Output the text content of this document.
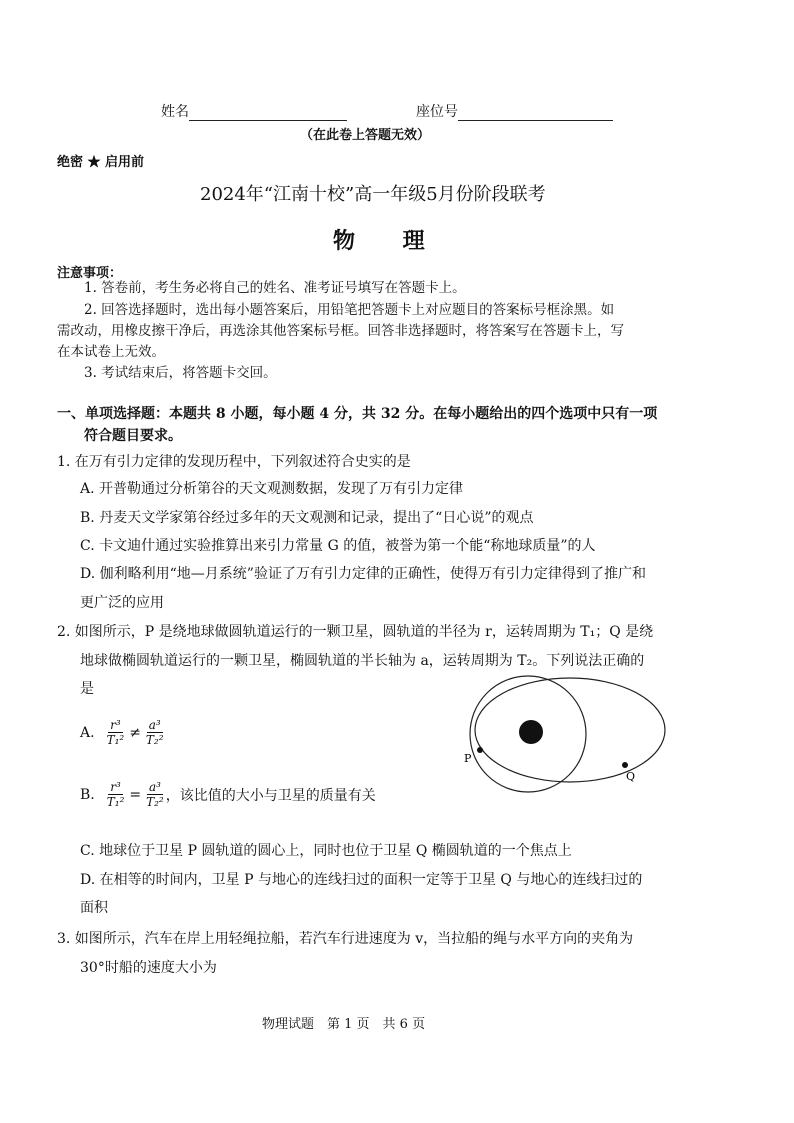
姓名	座位号
（在此卷上答题无效）
绝密 ★ 启用前
2024年“江南十校”高一年级5月份阶段联考
物 理
注意事项：
1. 答卷前，考生务必将自己的姓名、准考证号填写在答题卡上。
2. 回答选择题时，选出每小题答案后，用铅笔把答题卡上对应题目的答案标号框涂黑。如
需改动，用橡皮擦干净后，再选涂其他答案标号框。回答非选择题时，将答案写在答题卡上，写
在本试卷上无效。
3. 考试结束后，将答题卡交回。
一、单项选择题：本题共 8 小题，每小题 4 分，共 32 分。在每小题给出的四个选项中只有一项
符合题目要求。
1. 在万有引力定律的发现历程中，下列叙述符合史实的是
A. 开普勒通过分析第谷的天文观测数据，发现了万有引力定律
B. 丹麦天文学家第谷经过多年的天文观测和记录，提出了“日心说”的观点
C. 卡文迪什通过实验推算出来引力常量 G 的值，被誉为第一个能“称地球质量”的人
D. 伽利略利用“地—月系统”验证了万有引力定律的正确性，使得万有引力定律得到了推广和
更广泛的应用
2. 如图所示，P 是绕地球做圆轨道运行的一颗卫星，圆轨道的半径为 r，运转周期为 T₁；Q 是绕
地球做椭圆轨道运行的一颗卫星，椭圆轨道的半长轴为 a，运转周期为 T₂。下列说法正确的
是
A. $\frac{\text{r³}}{\text{T₁²}} \ne \frac{\text{a³}}{\text{T₂²}}$
B. $\frac{\text{r³}}{\text{T₁²}} = \frac{\text{a³}}{\text{T₂²}}$ ，该比值的大小与卫星的质量有关
P
Q
C. 地球位于卫星 P 圆轨道的圆心上，同时也位于卫星 Q 椭圆轨道的一个焦点上
D. 在相等的时间内，卫星 P 与地心的连线扫过的面积一定等于卫星 Q 与地心的连线扫过的
面积
3. 如图所示，汽车在岸上用轻绳拉船，若汽车行进速度为 v，当拉船的绳与水平方向的夹角为
30°时船的速度大小为
物理试题　第 1 页　共 6 页
